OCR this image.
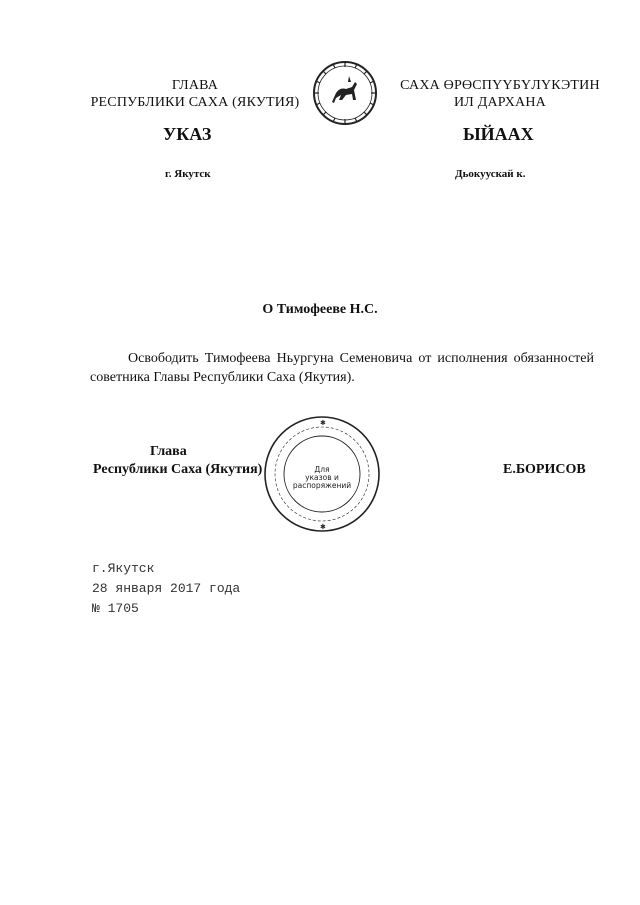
ГЛАВА
РЕСПУБЛИКИ САХА (ЯКУТИЯ)
САХА ӨРӨСПҮҮБҮЛҮКЭТИН
ИЛ ДАРХАНА
УКАЗ	ЫЙААХ
г. Якутск	Дьокуускай к.
О Тимофееве Н.С.
Освободить Тимофеева Ньургуна Семеновича от исполнения обязанностей советника Главы Республики Саха (Якутия).
Глава
Республики Саха (Якутия)
✱
✱
Для
указов и
распоряжений
Е.БОРИСОВ
г.Якутск
28 января 2017 года
№ 1705
